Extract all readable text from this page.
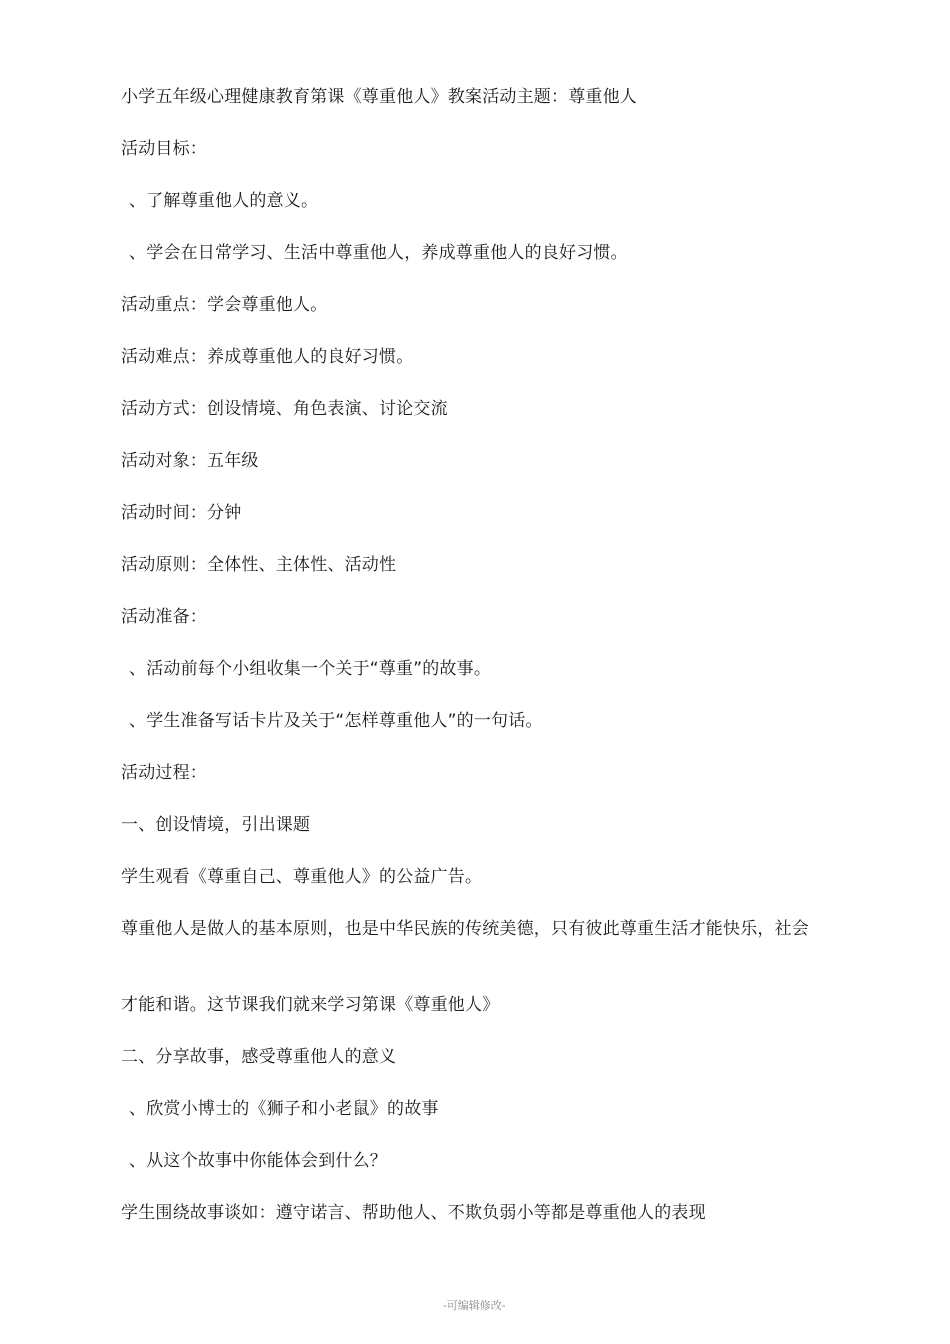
小学五年级心理健康教育第课《尊重他人》教案活动主题：尊重他人
活动目标：
、了解尊重他人的意义。
、学会在日常学习、生活中尊重他人，养成尊重他人的良好习惯。
活动重点：学会尊重他人。
活动难点：养成尊重他人的良好习惯。
活动方式：创设情境、角色表演、讨论交流
活动对象：五年级
活动时间：分钟
活动原则：全体性、主体性、活动性
活动准备：
、活动前每个小组收集一个关于“尊重”的故事。
、学生准备写话卡片及关于“怎样尊重他人”的一句话。
活动过程：
一、创设情境，引出课题
学生观看《尊重自己、尊重他人》的公益广告。
尊重他人是做人的基本原则，也是中华民族的传统美德，只有彼此尊重生活才能快乐，社会
才能和谐。这节课我们就来学习第课《尊重他人》
二、分享故事，感受尊重他人的意义
、欣赏小博士的《狮子和小老鼠》的故事
、从这个故事中你能体会到什么？
学生围绕故事谈如：遵守诺言、帮助他人、不欺负弱小等都是尊重他人的表现
-可编辑修改-
